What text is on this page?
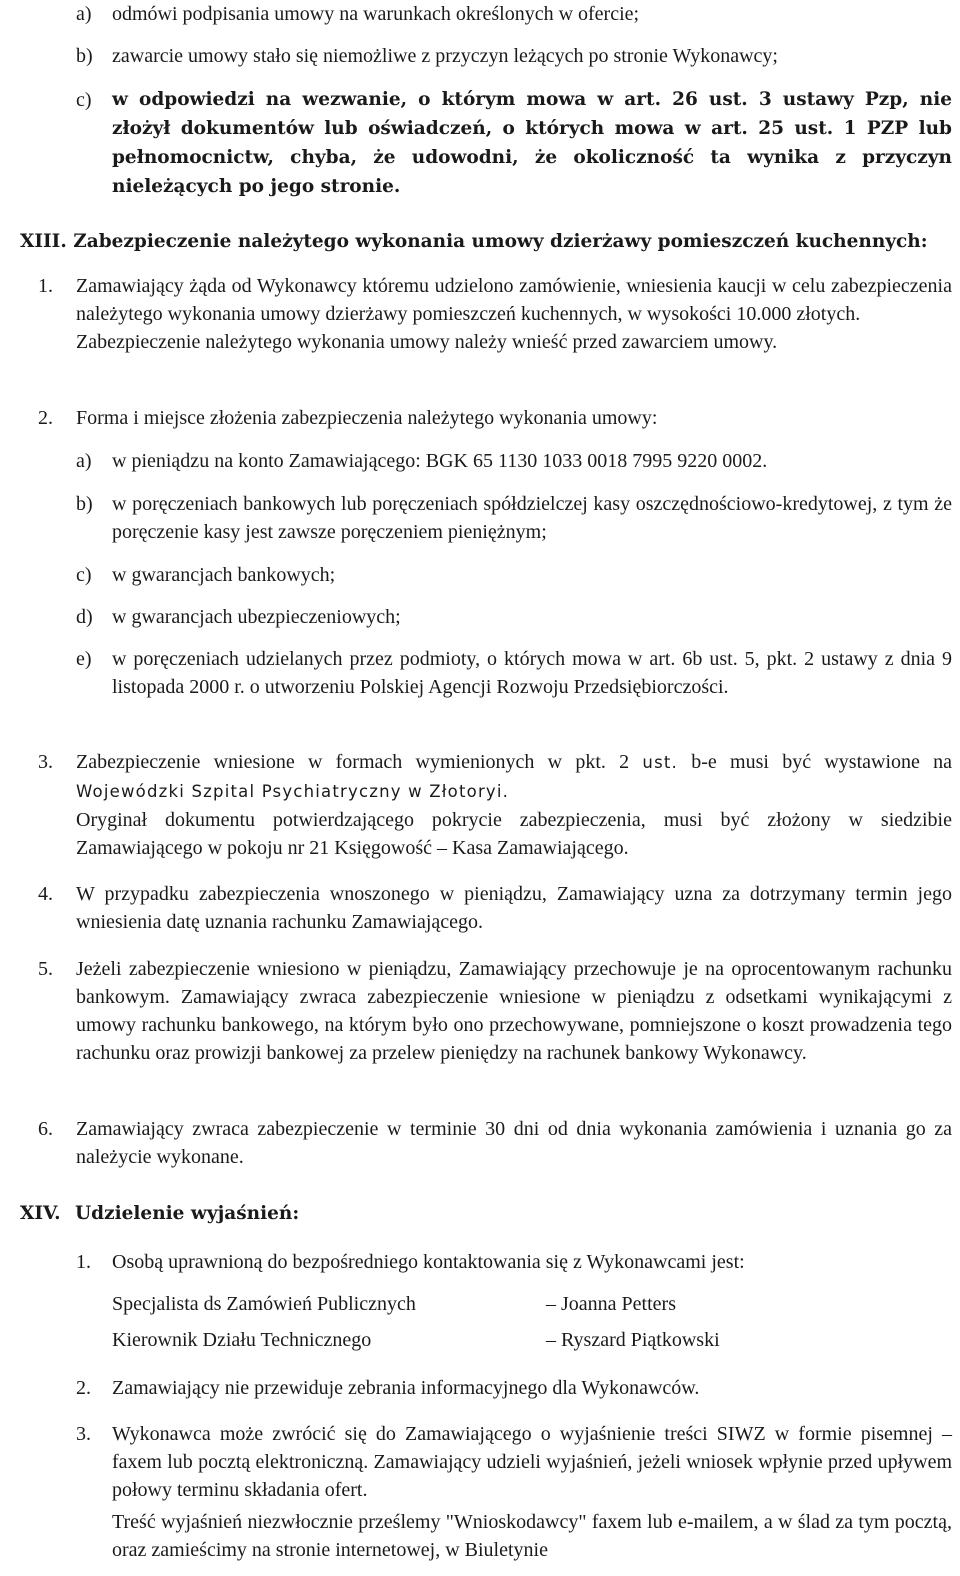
a) odmówi podpisania umowy na warunkach określonych w ofercie;
b) zawarcie umowy stało się niemożliwe z przyczyn leżących po stronie Wykonawcy;
c) w odpowiedzi na wezwanie, o którym mowa w art. 26 ust. 3 ustawy Pzp, nie złożył dokumentów lub oświadczeń, o których mowa w art. 25 ust. 1 PZP lub pełnomocnictw, chyba, że udowodni, że okoliczność ta wynika z przyczyn nieleżących po jego stronie.
XIII. Zabezpieczenie należytego wykonania umowy dzierżawy pomieszczeń kuchennych:
1. Zamawiający żąda od Wykonawcy któremu udzielono zamówienie, wniesienia kaucji w celu zabezpieczenia należytego wykonania umowy dzierżawy pomieszczeń kuchennych, w wysokości 10.000 złotych.

Zabezpieczenie należytego wykonania umowy należy wnieść przed zawarciem umowy.

2. Forma i miejsce złożenia zabezpieczenia należytego wykonania umowy:
a) w pieniądzu na konto Zamawiającego: BGK 65 1130 1033 0018 7995 9220 0002.
b) w poręczeniach bankowych lub poręczeniach spółdzielczej kasy oszczędnościowo-kredytowej, z tym że poręczenie kasy jest zawsze poręczeniem pieniężnym;
c) w gwarancjach bankowych;
d) w gwarancjach ubezpieczeniowych;
e) w poręczeniach udzielanych przez podmioty, o których mowa w art. 6b ust. 5, pkt. 2 ustawy z dnia 9 listopada 2000 r. o utworzeniu Polskiej Agencji Rozwoju Przedsiębiorczości.
3. Zabezpieczenie wniesione w formach wymienionych w pkt. 2 ust. b-e musi być wystawione na Wojewódzki Szpital Psychiatryczny w Złotoryi.

Oryginał dokumentu potwierdzającego pokrycie zabezpieczenia, musi być złożony w siedzibie Zamawiającego w pokoju nr 21 Księgowość – Kasa Zamawiającego.

4. W przypadku zabezpieczenia wnoszonego w pieniądzu, Zamawiający uzna za dotrzymany termin jego wniesienia datę uznania rachunku Zamawiającego.
5. Jeżeli zabezpieczenie wniesiono w pieniądzu, Zamawiający przechowuje je na oprocentowanym rachunku bankowym. Zamawiający zwraca zabezpieczenie wniesione w pieniądzu z odsetkami wynikającymi z umowy rachunku bankowego, na którym było ono przechowywane, pomniejszone o koszt prowadzenia tego rachunku oraz prowizji bankowej za przelew pieniędzy na rachunek bankowy Wykonawcy.
6. Zamawiający zwraca zabezpieczenie w terminie 30 dni od dnia wykonania zamówienia i uznania go za należycie wykonane.
XIV. Udzielenie wyjaśnień:
1. Osobą uprawnioną do bezpośredniego kontaktowania się z Wykonawcami jest:
Specjalista ds Zamówień Publicznych	– Joanna Petters
Kierownik Działu Technicznego	– Ryszard Piątkowski
2. Zamawiający nie przewiduje zebrania informacyjnego dla Wykonawców.
3. Wykonawca może zwrócić się do Zamawiającego o wyjaśnienie treści SIWZ w formie pisemnej – faxem lub pocztą elektroniczną. Zamawiający udzieli wyjaśnień, jeżeli wniosek wpłynie przed upływem połowy terminu składania ofert.

Treść wyjaśnień niezwłocznie prześlemy "Wnioskodawcy" faxem lub e-mailem, a w ślad za tym pocztą, oraz zamieścimy na stronie internetowej, w Biuletynie
